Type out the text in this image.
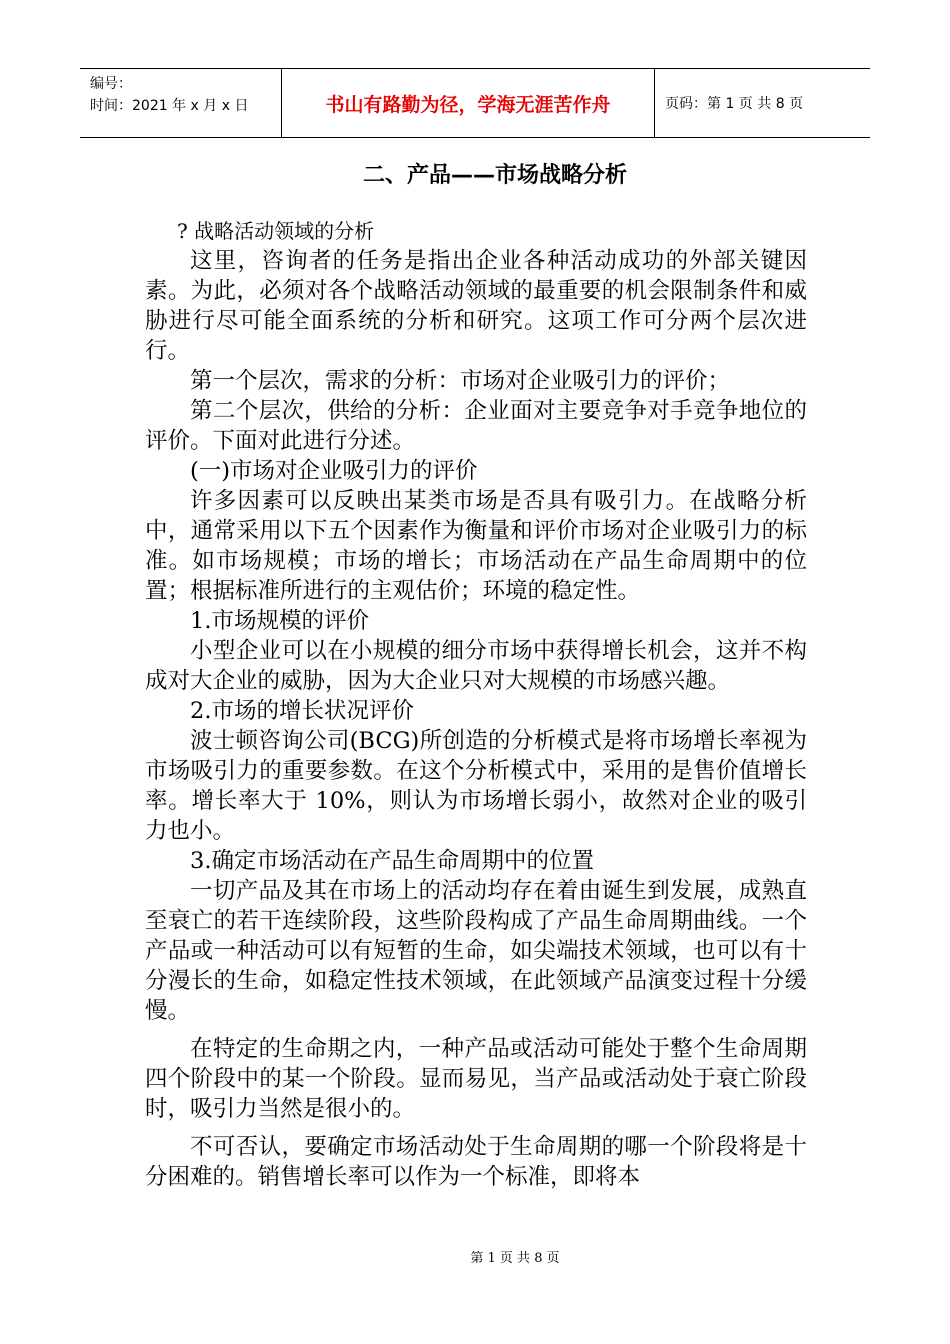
编号：
时间：2021 年 x 月 x 日	书山有路勤为径，学海无涯苦作舟	页码：第 1 页 共 8 页
二、产品——市场战略分析

? 战略活动领域的分析

这里，咨询者的任务是指出企业各种活动成功的外部关键因素。为此，必须对各个战略活动领域的最重要的机会限制条件和威胁进行尽可能全面系统的分析和研究。这项工作可分两个层次进行。

第一个层次，需求的分析：市场对企业吸引力的评价；

第二个层次，供给的分析：企业面对主要竞争对手竞争地位的评价。下面对此进行分述。

(一)市场对企业吸引力的评价

许多因素可以反映出某类市场是否具有吸引力。在战略分析中，通常采用以下五个因素作为衡量和评价市场对企业吸引力的标准。如市场规模；市场的增长；市场活动在产品生命周期中的位置；根据标准所进行的主观估价；环境的稳定性。

1.市场规模的评价

小型企业可以在小规模的细分市场中获得增长机会，这并不构成对大企业的威胁，因为大企业只对大规模的市场感兴趣。

2.市场的增长状况评价

波士顿咨询公司(BCG)所创造的分析模式是将市场增长率视为市场吸引力的重要参数。在这个分析模式中，采用的是售价值增长率。增长率大于 10%，则认为市场增长弱小，故然对企业的吸引力也小。

3.确定市场活动在产品生命周期中的位置

一切产品及其在市场上的活动均存在着由诞生到发展，成熟直至衰亡的若干连续阶段，这些阶段构成了产品生命周期曲线。一个产品或一种活动可以有短暂的生命，如尖端技术领域，也可以有十分漫长的生命，如稳定性技术领域，在此领域产品演变过程十分缓慢。

在特定的生命期之内，一种产品或活动可能处于整个生命周期四个阶段中的某一个阶段。显而易见，当产品或活动处于衰亡阶段时，吸引力当然是很小的。

不可否认，要确定市场活动处于生命周期的哪一个阶段将是十分困难的。销售增长率可以作为一个标准，即将本

第 1 页 共 8 页
